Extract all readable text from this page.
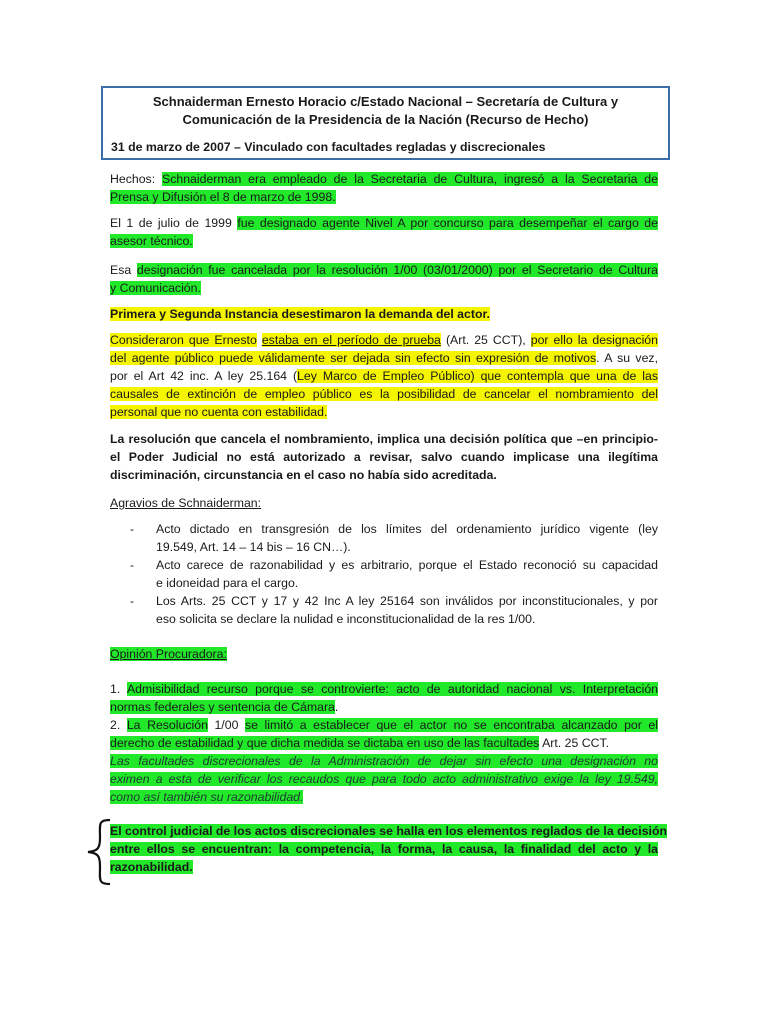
Schnaiderman Ernesto Horacio c/Estado Nacional – Secretaría de Cultura y
Comunicación de la Presidencia de la Nación (Recurso de Hecho)
31 de marzo de 2007 – Vinculado con facultades regladas y discrecionales
Hechos: Schnaiderman era empleado de la Secretaria de Cultura, ingresó a la Secretaria de
Prensa y Difusión el 8 de marzo de 1998.
El 1 de julio de 1999 fue designado agente Nivel A por concurso para desempeñar el cargo de
asesor técnico.
Esa designación fue cancelada por la resolución 1/00 (03/01/2000) por el Secretario de Cultura
y Comunicación.
Primera y Segunda Instancia desestimaron la demanda del actor.
Consideraron que Ernesto estaba en el período de prueba (Art. 25 CCT), por ello la designación
del agente público puede válidamente ser dejada sin efecto sin expresión de motivos. A su vez,
por el Art 42 inc. A ley 25.164 (Ley Marco de Empleo Público) que contempla que una de las
causales de extinción de empleo público es la posibilidad de cancelar el nombramiento del
personal que no cuenta con estabilidad.
La resolución que cancela el nombramiento, implica una decisión política que –en principio-
el Poder Judicial no está autorizado a revisar, salvo cuando implicase una ilegítima
discriminación, circunstancia en el caso no había sido acreditada.
Agravios de Schnaiderman:
- Acto dictado en transgresión de los límites del ordenamiento jurídico vigente (ley
19.549, Art. 14 – 14 bis – 16 CN…).
- Acto carece de razonabilidad y es arbitrario, porque el Estado reconoció su capacidad
e idoneidad para el cargo.
- Los Arts. 25 CCT y 17 y 42 Inc A ley 25164 son inválidos por inconstitucionales, y por
eso solicita se declare la nulidad e inconstitucionalidad de la res 1/00.
Opinión Procuradora:
1. Admisibilidad recurso porque se controvierte: acto de autoridad nacional vs. Interpretación
normas federales y sentencia de Cámara.
2. La Resolución 1/00 se limitó a establecer que el actor no se encontraba alcanzado por el
derecho de estabilidad y que dicha medida se dictaba en uso de las facultades Art. 25 CCT.
Las facultades discrecionales de la Administración de dejar sin efecto una designación no
eximen a esta de verificar los recaudos que para todo acto administrativo exige la ley 19.549,
como así también su razonabilidad.
El control judicial de los actos discrecionales se halla en los elementos reglados de la decisión
entre ellos se encuentran: la competencia, la forma, la causa, la finalidad del acto y la
razonabilidad.
